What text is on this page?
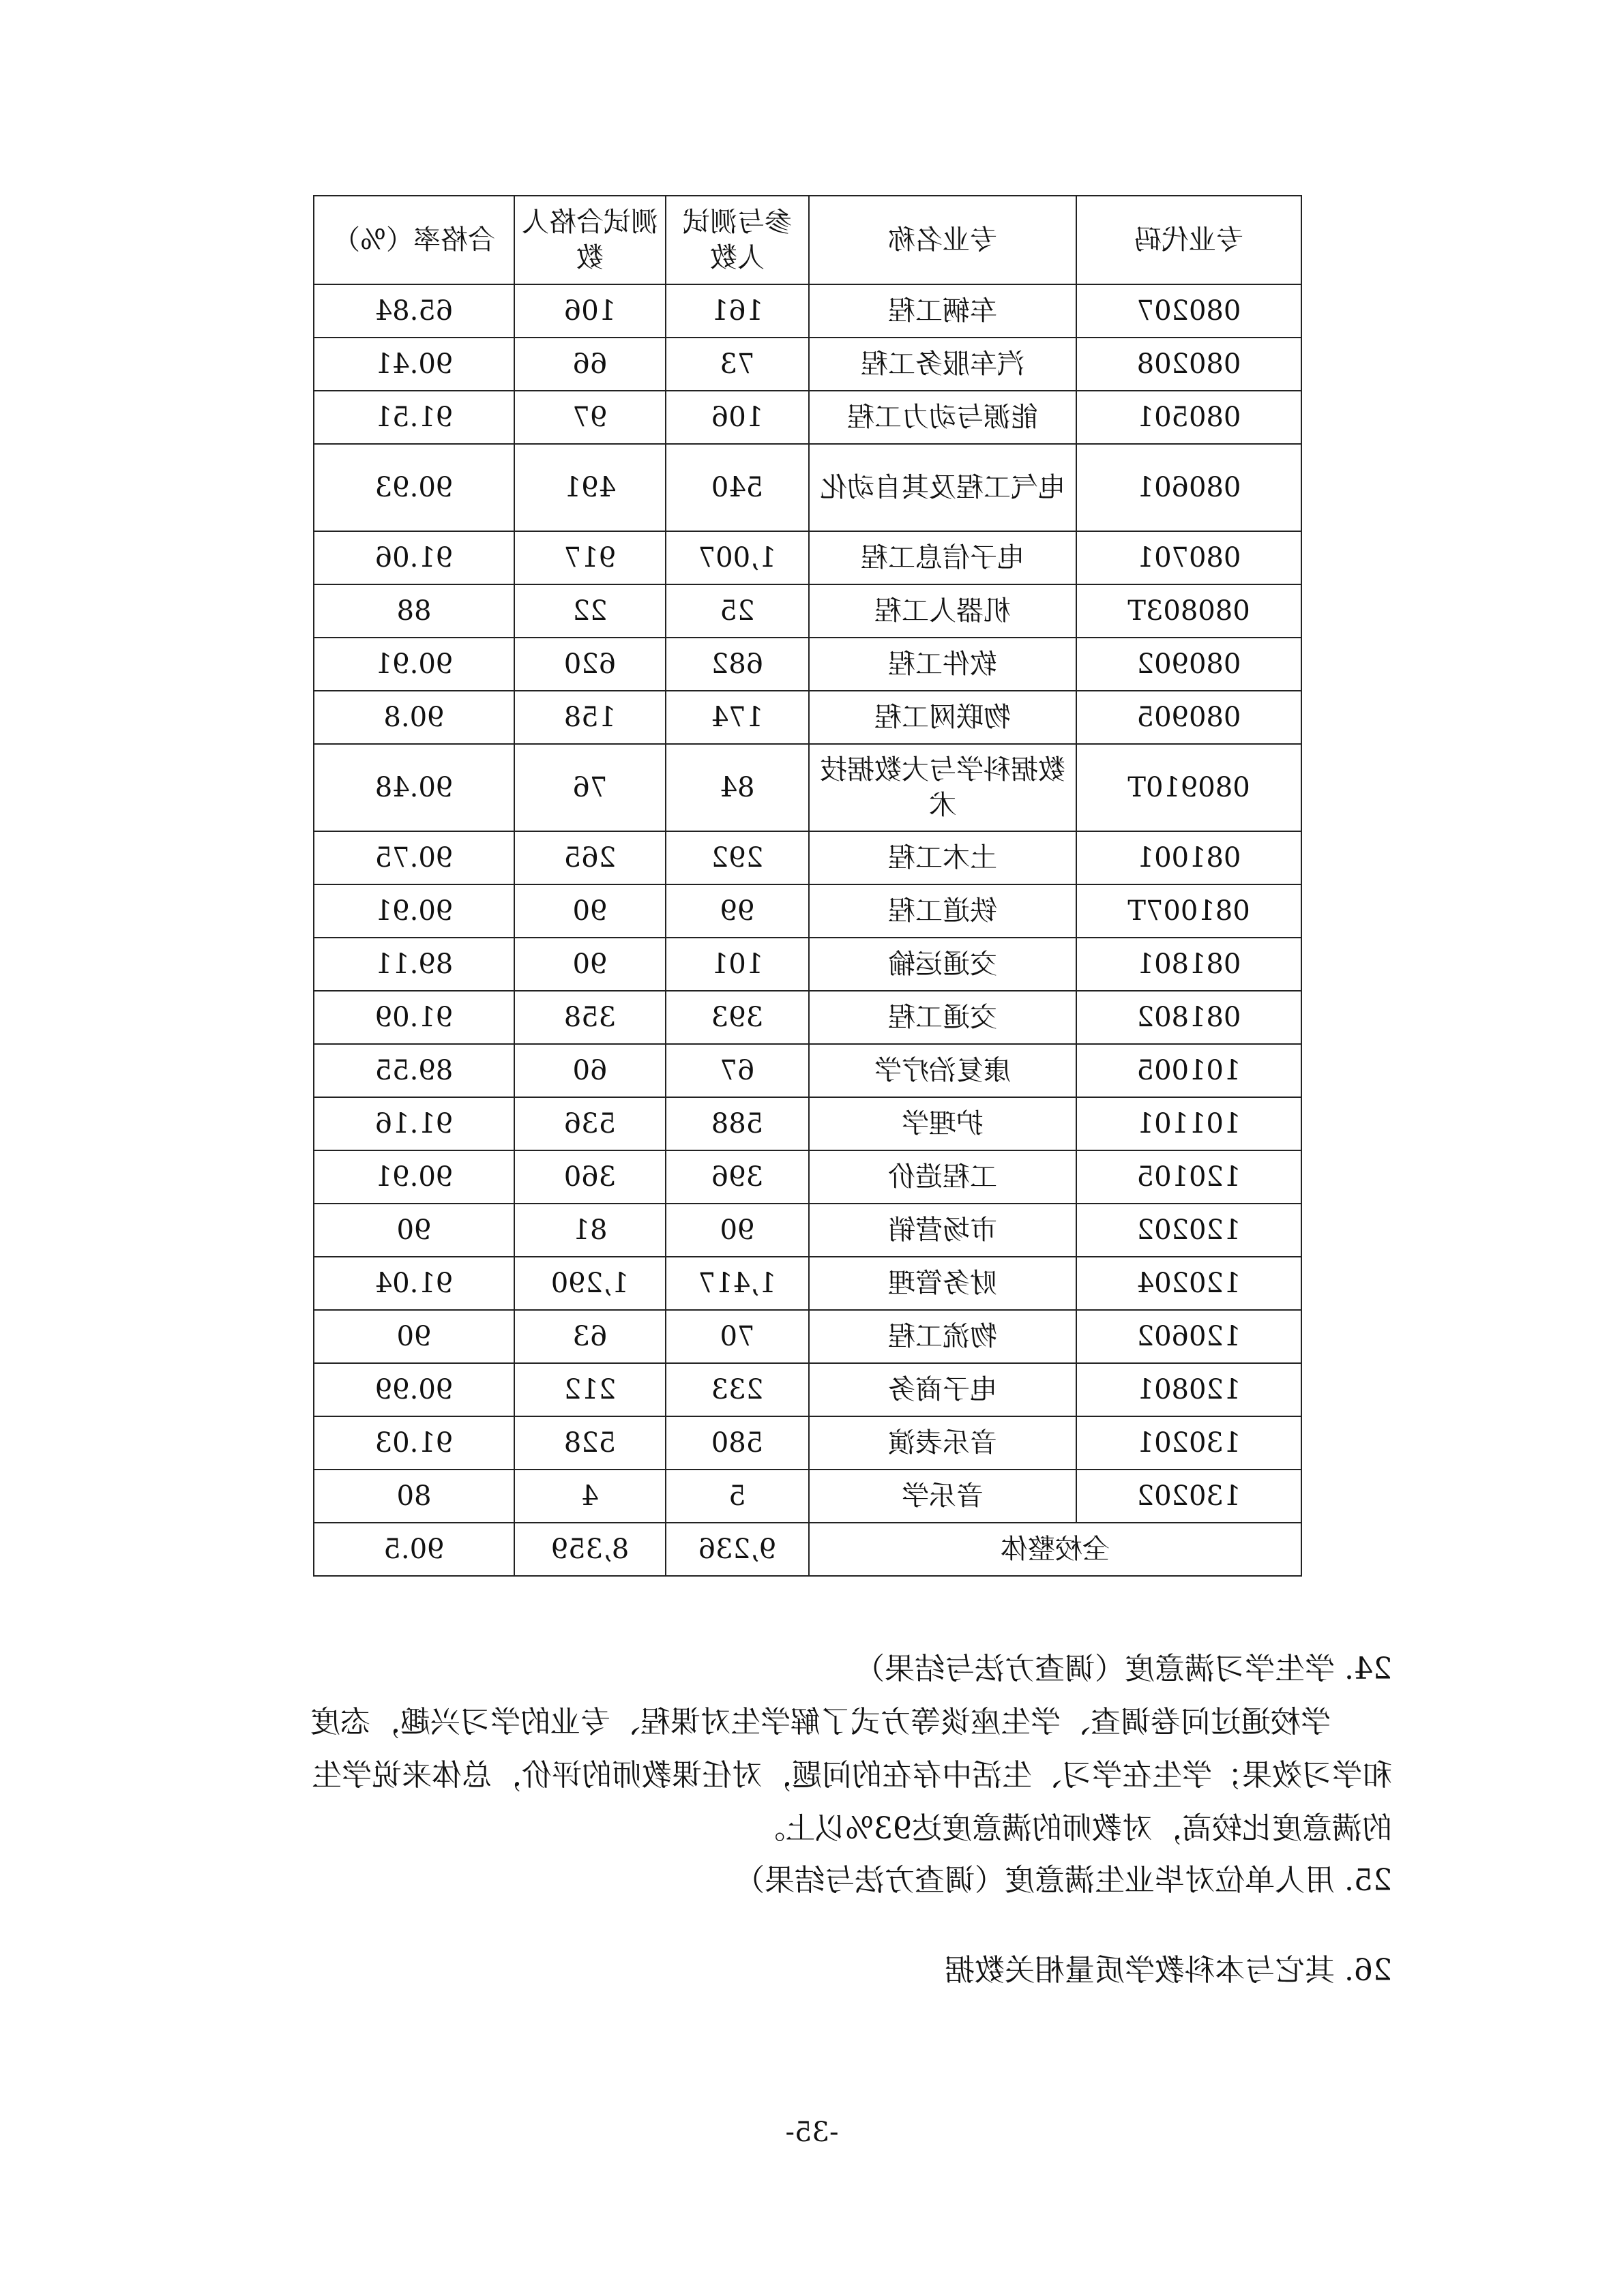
专业代码	专业名称	参与测试人数	测试合格人数	合格率（%）
080207	车辆工程	161	106	65.84
080208	汽车服务工程	73	66	90.41
080501	能源与动力工程	106	97	91.51
080601	电气工程及其自动化	540	491	90.93
080701	电子信息工程	1,007	917	91.06
080803T	机器人工程	25	22	88
080902	软件工程	682	620	90.91
080905	物联网工程	174	158	90.8
080910T	数据科学与大数据技术	84	76	90.48
081001	土木工程	292	265	90.75
081007T	铁道工程	99	90	90.91
081801	交通运输	101	90	89.11
081802	交通工程	393	358	91.09
101005	康复治疗学	67	60	89.55
101101	护理学	588	536	91.16
120105	工程造价	396	360	90.91
120202	市场营销	90	81	90
120204	财务管理	1,417	1,290	91.04
120602	物流工程	70	63	90
120801	电子商务	233	212	90.99
130201	音乐表演	580	528	91.03
130202	音乐学	5	4	80
全校整体		9,236	8,359	90.5
24. 学生学习满意度（调查方法与结果）
学校通过问卷调查、学生座谈等方式了解学生对课程、专业的学习兴趣，态度
和学习效果；学生在学习、生活中存在的问题，对任课教师的评价，总体来说学生
的满意度比较高，对教师的满意度达93%以上。
25. 用人单位对毕业生满意度（调查方法与结果）
26. 其它与本科教学质量相关数据
-35-
